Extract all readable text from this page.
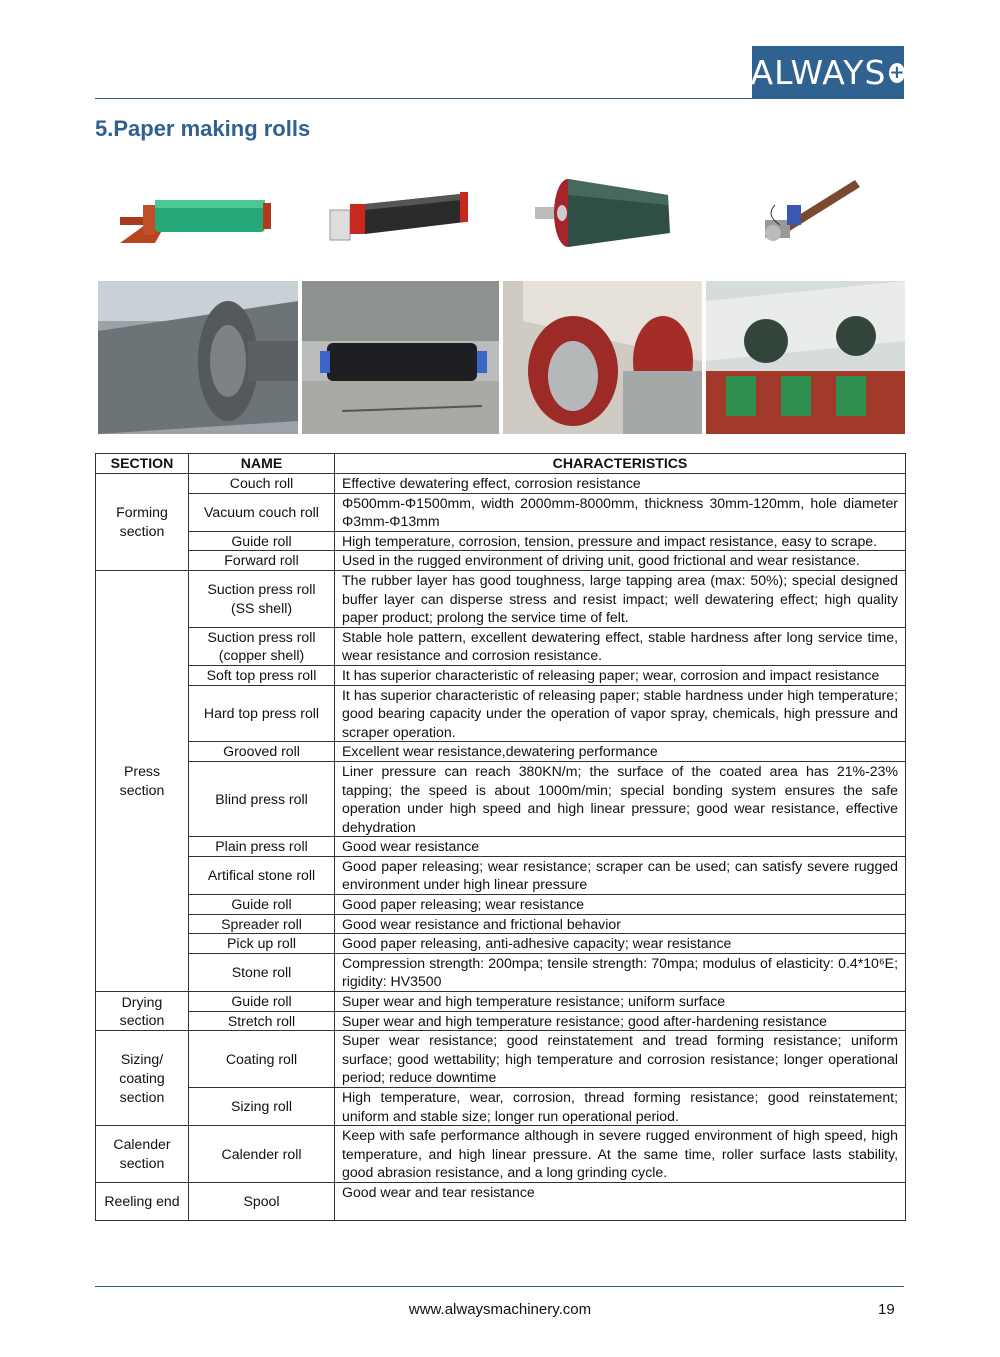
ALWAYS +
5.Paper making rolls
SECTION	NAME	CHARACTERISTICS
Forming section	Couch roll	Effective dewatering effect, corrosion resistance
	Vacuum couch roll	Φ500mm-Φ1500mm, width 2000mm-8000mm, thickness 30mm-120mm, hole diameter Φ3mm-Φ13mm
	Guide roll	High temperature, corrosion, tension, pressure and impact resistance, easy to scrape.
	Forward roll	Used in the rugged environment of driving unit, good frictional and wear resistance.
Press section	Suction press roll (SS shell)	The rubber layer has good toughness, large tapping area (max: 50%); special designed buffer layer can disperse stress and resist impact; well dewatering effect; high quality paper product; prolong the service time of felt.
	Suction press roll (copper shell)	Stable hole pattern, excellent dewatering effect, stable hardness after long service time, wear resistance and corrosion resistance.
	Soft top press roll	It has superior characteristic of releasing paper; wear, corrosion and impact resistance
	Hard top press roll	It has superior characteristic of releasing paper; stable hardness under high temperature; good bearing capacity under the operation of vapor spray, chemicals, high pressure and scraper operation.
	Grooved roll	Excellent wear resistance,dewatering performance
	Blind press roll	Liner pressure can reach 380KN/m; the surface of the coated area has 21%-23% tapping; the speed is about 1000m/min; special bonding system ensures the safe operation under high speed and high linear pressure; good wear resistance, effective dehydration
	Plain press roll	Good wear resistance
	Artifical stone roll	Good paper releasing; wear resistance; scraper can be used; can satisfy severe rugged environment under high linear pressure
	Guide roll	Good paper releasing; wear resistance
	Spreader roll	Good wear resistance and frictional behavior
	Pick up roll	Good paper releasing, anti-adhesive capacity; wear resistance
	Stone roll	Compression strength: 200mpa; tensile strength: 70mpa; modulus of elasticity: 0.4*10⁶E; rigidity: HV3500
Drying section	Guide roll	Super wear and high temperature resistance; uniform surface
	Stretch roll	Super wear and high temperature resistance; good after-hardening resistance
Sizing/ coating section	Coating roll	Super wear resistance; good reinstatement and tread forming resistance; uniform surface; good wettability; high temperature and corrosion resistance; longer operational period; reduce downtime
	Sizing roll	High temperature, wear, corrosion, thread forming resistance; good reinstatement; uniform and stable size; longer run operational period.
Calender section	Calender roll	Keep with safe performance although in severe rugged environment of high speed, high temperature, and high linear pressure. At the same time, roller surface lasts stability, good abrasion resistance, and a long grinding cycle.
Reeling end	Spool	Good wear and tear resistance
www.alwaysmachinery.com	19
